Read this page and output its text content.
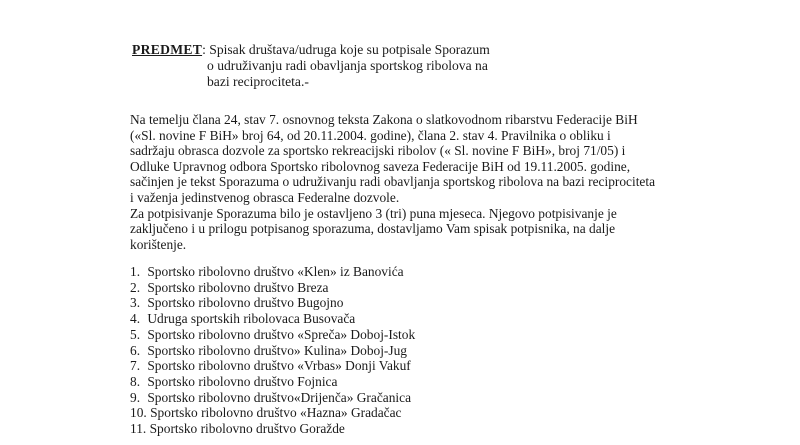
PREDMET: Spisak društava/udruga koje su potpisale Sporazum
o udruživanju radi obavljanja sportskog ribolova na
bazi reciprociteta.-
Na temelju člana 24, stav 7. osnovnog teksta Zakona o slatkovodnom ribarstvu Federacije BiH
(«Sl. novine F BiH» broj 64, od 20.11.2004. godine), člana 2. stav 4. Pravilnika o obliku i
sadržaju obrasca dozvole za sportsko rekreacijski ribolov (« Sl. novine F BiH», broj 71/05) i
Odluke Upravnog odbora Sportsko ribolovnog saveza Federacije BiH od 19.11.2005. godine,
sačinjen je tekst Sporazuma o udruživanju radi obavljanja sportskog ribolova na bazi reciprociteta
i važenja jedinstvenog obrasca Federalne dozvole.
Za potpisivanje Sporazuma bilo je ostavljeno 3 (tri) puna mjeseca. Njegovo potpisivanje je
zaključeno i u prilogu potpisanog sporazuma, dostavljamo Vam spisak potpisnika, na dalje
korištenje.
1. Sportsko ribolovno društvo «Klen» iz Banovića
2. Sportsko ribolovno društvo Breza
3. Sportsko ribolovno društvo Bugojno
4. Udruga sportskih ribolovaca Busovača
5. Sportsko ribolovno društvo «Spreča» Doboj-Istok
6. Sportsko ribolovno društvo» Kulina» Doboj-Jug
7. Sportsko ribolovno društvo «Vrbas» Donji Vakuf
8. Sportsko ribolovno društvo Fojnica
9. Sportsko ribolovno društvo«Drijenča» Gračanica
10. Sportsko ribolovno društvo «Hazna» Gradačac
11. Sportsko ribolovno društvo Goražde
